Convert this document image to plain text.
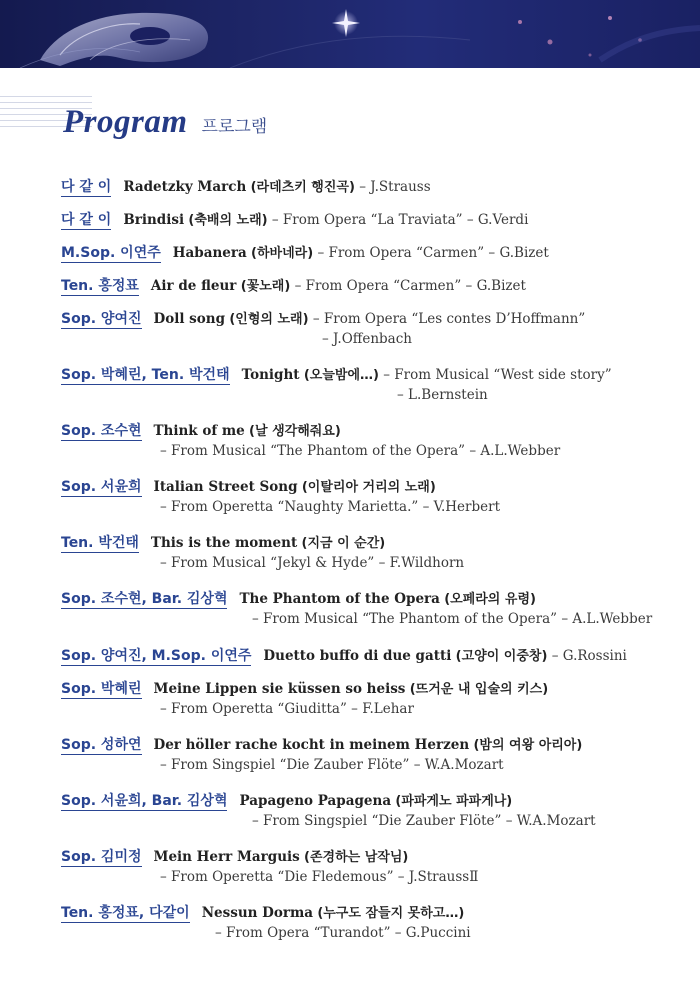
Program 프로그램
다 같 이 Radetzky March (라데츠키 행진곡) – J.Strauss
다 같 이 Brindisi (축배의 노래) – From Opera “La Traviata” – G.Verdi
M.Sop. 이연주 Habanera (하바네라) – From Opera “Carmen” – G.Bizet
Ten. 홍정표 Air de fleur (꽃노래) – From Opera “Carmen” – G.Bizet
Sop. 양여진 Doll song (인형의 노래) – From Opera “Les contes D’Hoffmann”
– J.Offenbach
Sop. 박혜린, Ten. 박건태 Tonight (오늘밤에…) – From Musical “West side story”
– L.Bernstein
Sop. 조수현 Think of me (날 생각해줘요)
– From Musical “The Phantom of the Opera” – A.L.Webber
Sop. 서윤희 Italian Street Song (이탈리아 거리의 노래)
– From Operetta “Naughty Marietta.” – V.Herbert
Ten. 박건태 This is the moment (지금 이 순간)
– From Musical “Jekyl & Hyde” – F.Wildhorn
Sop. 조수현, Bar. 김상혁 The Phantom of the Opera (오페라의 유령)
– From Musical “The Phantom of the Opera” – A.L.Webber
Sop. 양여진, M.Sop. 이연주 Duetto buffo di due gatti (고양이 이중창) – G.Rossini
Sop. 박혜린 Meine Lippen sie küssen so heiss (뜨거운 내 입술의 키스)
– From Operetta “Giuditta” – F.Lehar
Sop. 성하연 Der höller rache kocht in meinem Herzen (밤의 여왕 아리아)
– From Singspiel “Die Zauber Flöte” – W.A.Mozart
Sop. 서윤희, Bar. 김상혁 Papageno Papagena (파파게노 파파게나)
– From Singspiel “Die Zauber Flöte” – W.A.Mozart
Sop. 김미정 Mein Herr Marguis (존경하는 남작님)
– From Operetta “Die Fledemous” – J.StraussⅡ
Ten. 홍정표, 다같이 Nessun Dorma (누구도 잠들지 못하고…)
– From Opera “Turandot” – G.Puccini
